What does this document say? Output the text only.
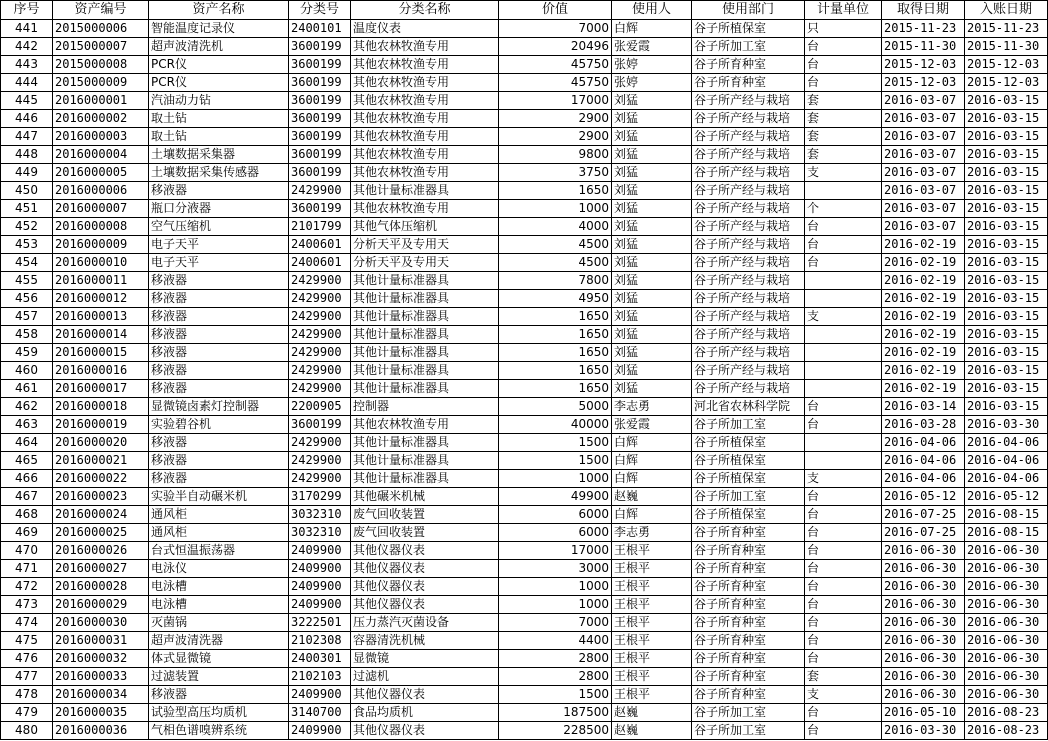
序号	资产编号	资产名称	分类号	分类名称	价值	使用人	使用部门	计量单位	取得日期	入账日期
441	2015000006	智能温度记录仪	2400101	温度仪表	7000	白辉	谷子所植保室	只	2015-11-23	2015-11-23
442	2015000007	超声波清洗机	3600199	其他农林牧渔专用	20496	张爱霞	谷子所加工室	台	2015-11-30	2015-11-30
443	2015000008	PCR仪	3600199	其他农林牧渔专用	45750	张婷	谷子所育种室	台	2015-12-03	2015-12-03
444	2015000009	PCR仪	3600199	其他农林牧渔专用	45750	张婷	谷子所育种室	台	2015-12-03	2015-12-03
445	2016000001	汽油动力钻	3600199	其他农林牧渔专用	17000	刘猛	谷子所产经与栽培	套	2016-03-07	2016-03-15
446	2016000002	取土钻	3600199	其他农林牧渔专用	2900	刘猛	谷子所产经与栽培	套	2016-03-07	2016-03-15
447	2016000003	取土钻	3600199	其他农林牧渔专用	2900	刘猛	谷子所产经与栽培	套	2016-03-07	2016-03-15
448	2016000004	土壤数据采集器	3600199	其他农林牧渔专用	9800	刘猛	谷子所产经与栽培	套	2016-03-07	2016-03-15
449	2016000005	土壤数据采集传感器	3600199	其他农林牧渔专用	3750	刘猛	谷子所产经与栽培	支	2016-03-07	2016-03-15
450	2016000006	移液器	2429900	其他计量标准器具	1650	刘猛	谷子所产经与栽培		2016-03-07	2016-03-15
451	2016000007	瓶口分液器	3600199	其他农林牧渔专用	1000	刘猛	谷子所产经与栽培	个	2016-03-07	2016-03-15
452	2016000008	空气压缩机	2101799	其他气体压缩机	4000	刘猛	谷子所产经与栽培	台	2016-03-07	2016-03-15
453	2016000009	电子天平	2400601	分析天平及专用天	4500	刘猛	谷子所产经与栽培	台	2016-02-19	2016-03-15
454	2016000010	电子天平	2400601	分析天平及专用天	4500	刘猛	谷子所产经与栽培	台	2016-02-19	2016-03-15
455	2016000011	移液器	2429900	其他计量标准器具	7800	刘猛	谷子所产经与栽培		2016-02-19	2016-03-15
456	2016000012	移液器	2429900	其他计量标准器具	4950	刘猛	谷子所产经与栽培		2016-02-19	2016-03-15
457	2016000013	移液器	2429900	其他计量标准器具	1650	刘猛	谷子所产经与栽培	支	2016-02-19	2016-03-15
458	2016000014	移液器	2429900	其他计量标准器具	1650	刘猛	谷子所产经与栽培		2016-02-19	2016-03-15
459	2016000015	移液器	2429900	其他计量标准器具	1650	刘猛	谷子所产经与栽培		2016-02-19	2016-03-15
460	2016000016	移液器	2429900	其他计量标准器具	1650	刘猛	谷子所产经与栽培		2016-02-19	2016-03-15
461	2016000017	移液器	2429900	其他计量标准器具	1650	刘猛	谷子所产经与栽培		2016-02-19	2016-03-15
462	2016000018	显微镜卤素灯控制器	2200905	控制器	5000	李志勇	河北省农林科学院	台	2016-03-14	2016-03-15
463	2016000019	实验碧谷机	3600199	其他农林牧渔专用	40000	张爱霞	谷子所加工室	台	2016-03-28	2016-03-30
464	2016000020	移液器	2429900	其他计量标准器具	1500	白辉	谷子所植保室		2016-04-06	2016-04-06
465	2016000021	移液器	2429900	其他计量标准器具	1500	白辉	谷子所植保室		2016-04-06	2016-04-06
466	2016000022	移液器	2429900	其他计量标准器具	1000	白辉	谷子所植保室	支	2016-04-06	2016-04-06
467	2016000023	实验半自动碾米机	3170299	其他碾米机械	49900	赵巍	谷子所加工室	台	2016-05-12	2016-05-12
468	2016000024	通风柜	3032310	废气回收装置	6000	白辉	谷子所植保室	台	2016-07-25	2016-08-15
469	2016000025	通风柜	3032310	废气回收装置	6000	李志勇	谷子所育种室	台	2016-07-25	2016-08-15
470	2016000026	台式恒温振荡器	2409900	其他仪器仪表	17000	王根平	谷子所育种室	台	2016-06-30	2016-06-30
471	2016000027	电泳仪	2409900	其他仪器仪表	3000	王根平	谷子所育种室	台	2016-06-30	2016-06-30
472	2016000028	电泳槽	2409900	其他仪器仪表	1000	王根平	谷子所育种室	台	2016-06-30	2016-06-30
473	2016000029	电泳槽	2409900	其他仪器仪表	1000	王根平	谷子所育种室	台	2016-06-30	2016-06-30
474	2016000030	灭菌锅	3222501	压力蒸汽灭菌设备	7000	王根平	谷子所育种室	台	2016-06-30	2016-06-30
475	2016000031	超声波清洗器	2102308	容器清洗机械	4400	王根平	谷子所育种室	台	2016-06-30	2016-06-30
476	2016000032	体式显微镜	2400301	显微镜	2800	王根平	谷子所育种室	台	2016-06-30	2016-06-30
477	2016000033	过滤装置	2102103	过滤机	2800	王根平	谷子所育种室	套	2016-06-30	2016-06-30
478	2016000034	移液器	2409900	其他仪器仪表	1500	王根平	谷子所育种室	支	2016-06-30	2016-06-30
479	2016000035	试验型高压均质机	3140700	食品均质机	187500	赵巍	谷子所加工室	台	2016-05-10	2016-08-23
480	2016000036	气相色谱嗅辨系统	2409900	其他仪器仪表	228500	赵巍	谷子所加工室	台	2016-03-30	2016-08-23
